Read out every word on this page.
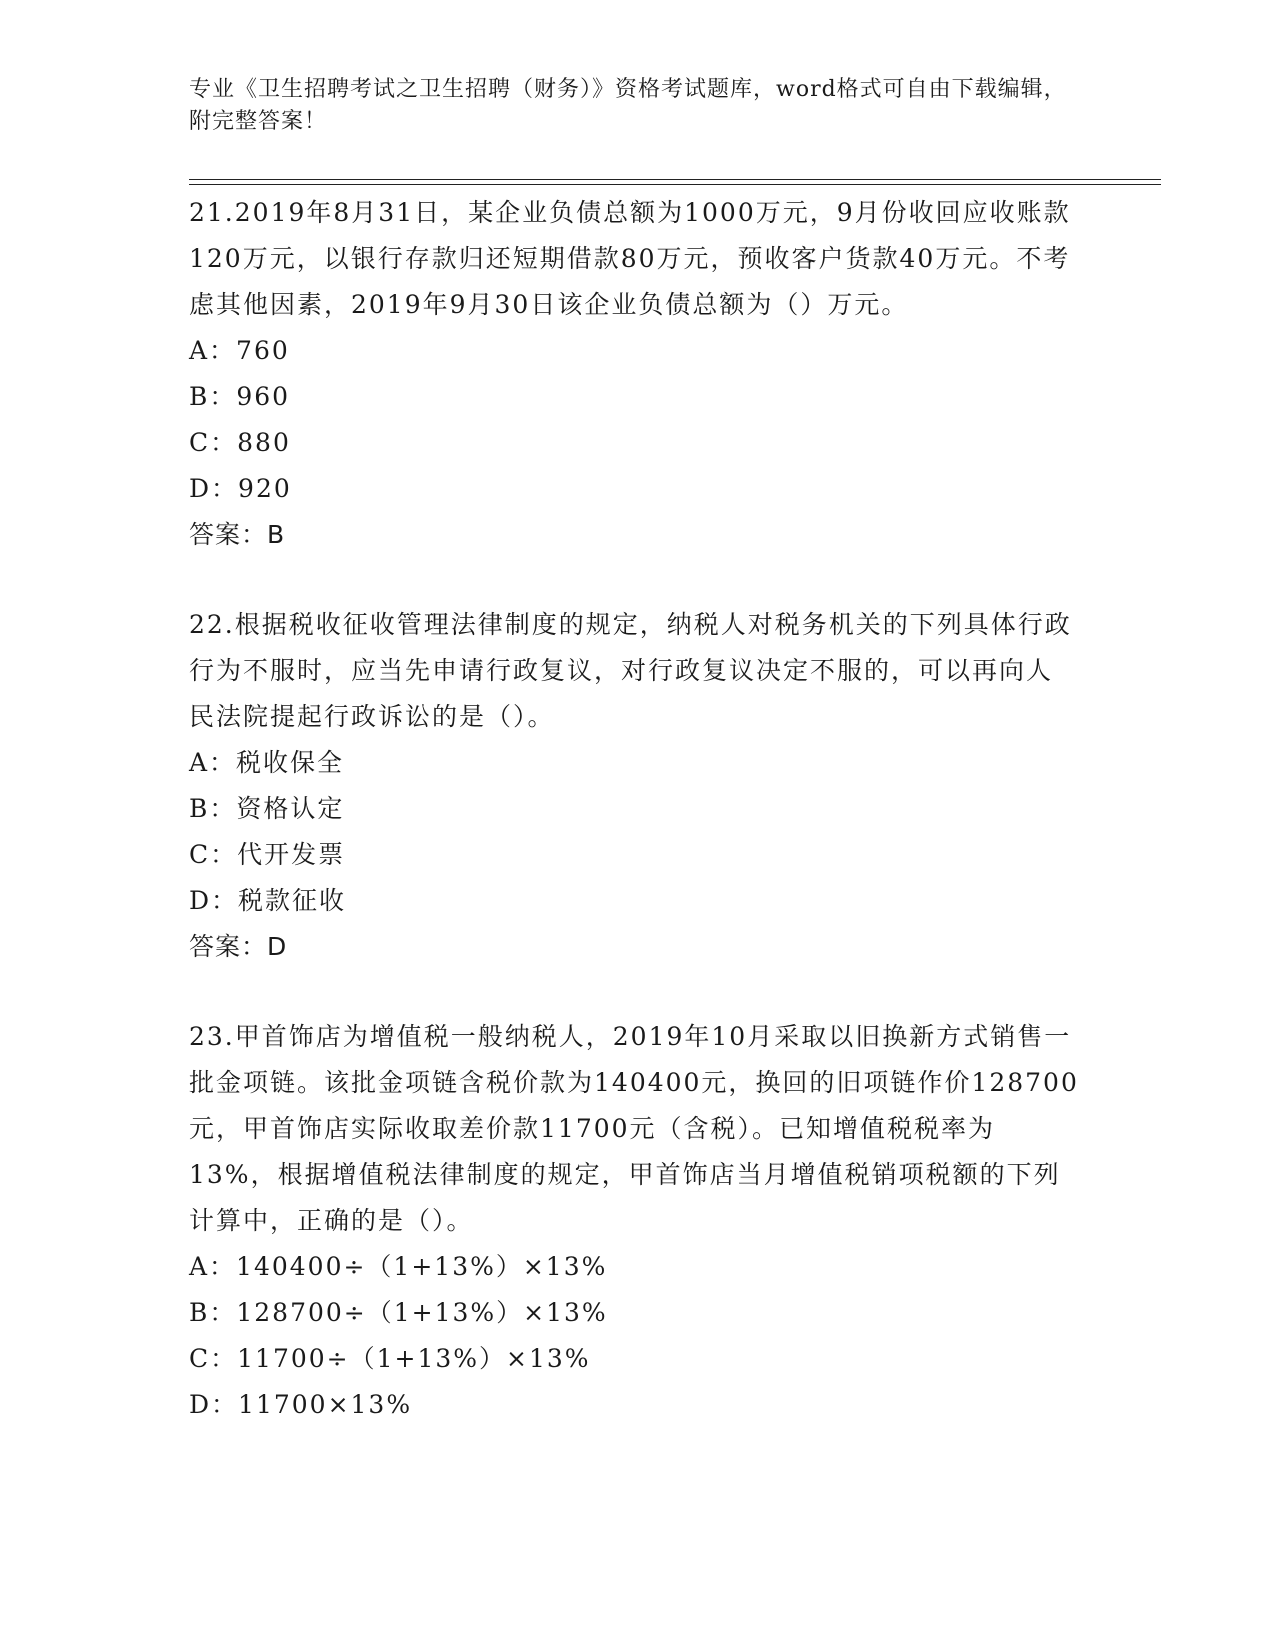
专业《卫生招聘考试之卫生招聘（财务）》资格考试题库，word格式可自由下载编辑，附完整答案！

21.2019年8月31日，某企业负债总额为1000万元，9月份收回应收账款120万元，以银行存款归还短期借款80万元，预收客户货款40万元。不考虑其他因素，2019年9月30日该企业负债总额为（）万元。

A：760

B：960

C：880

D：920

答案：B

22.根据税收征收管理法律制度的规定，纳税人对税务机关的下列具体行政行为不服时，应当先申请行政复议，对行政复议决定不服的，可以再向人民法院提起行政诉讼的是（）。

A：税收保全

B：资格认定

C：代开发票

D：税款征收

答案：D

23.甲首饰店为增值税一般纳税人，2019年10月采取以旧换新方式销售一批金项链。该批金项链含税价款为140400元，换回的旧项链作价128700元，甲首饰店实际收取差价款11700元（含税）。已知增值税税率为13%，根据增值税法律制度的规定，甲首饰店当月增值税销项税额的下列计算中，正确的是（）。

A：140400÷（1+13%）×13%

B：128700÷（1+13%）×13%

C：11700÷（1+13%）×13%

D：11700×13%
